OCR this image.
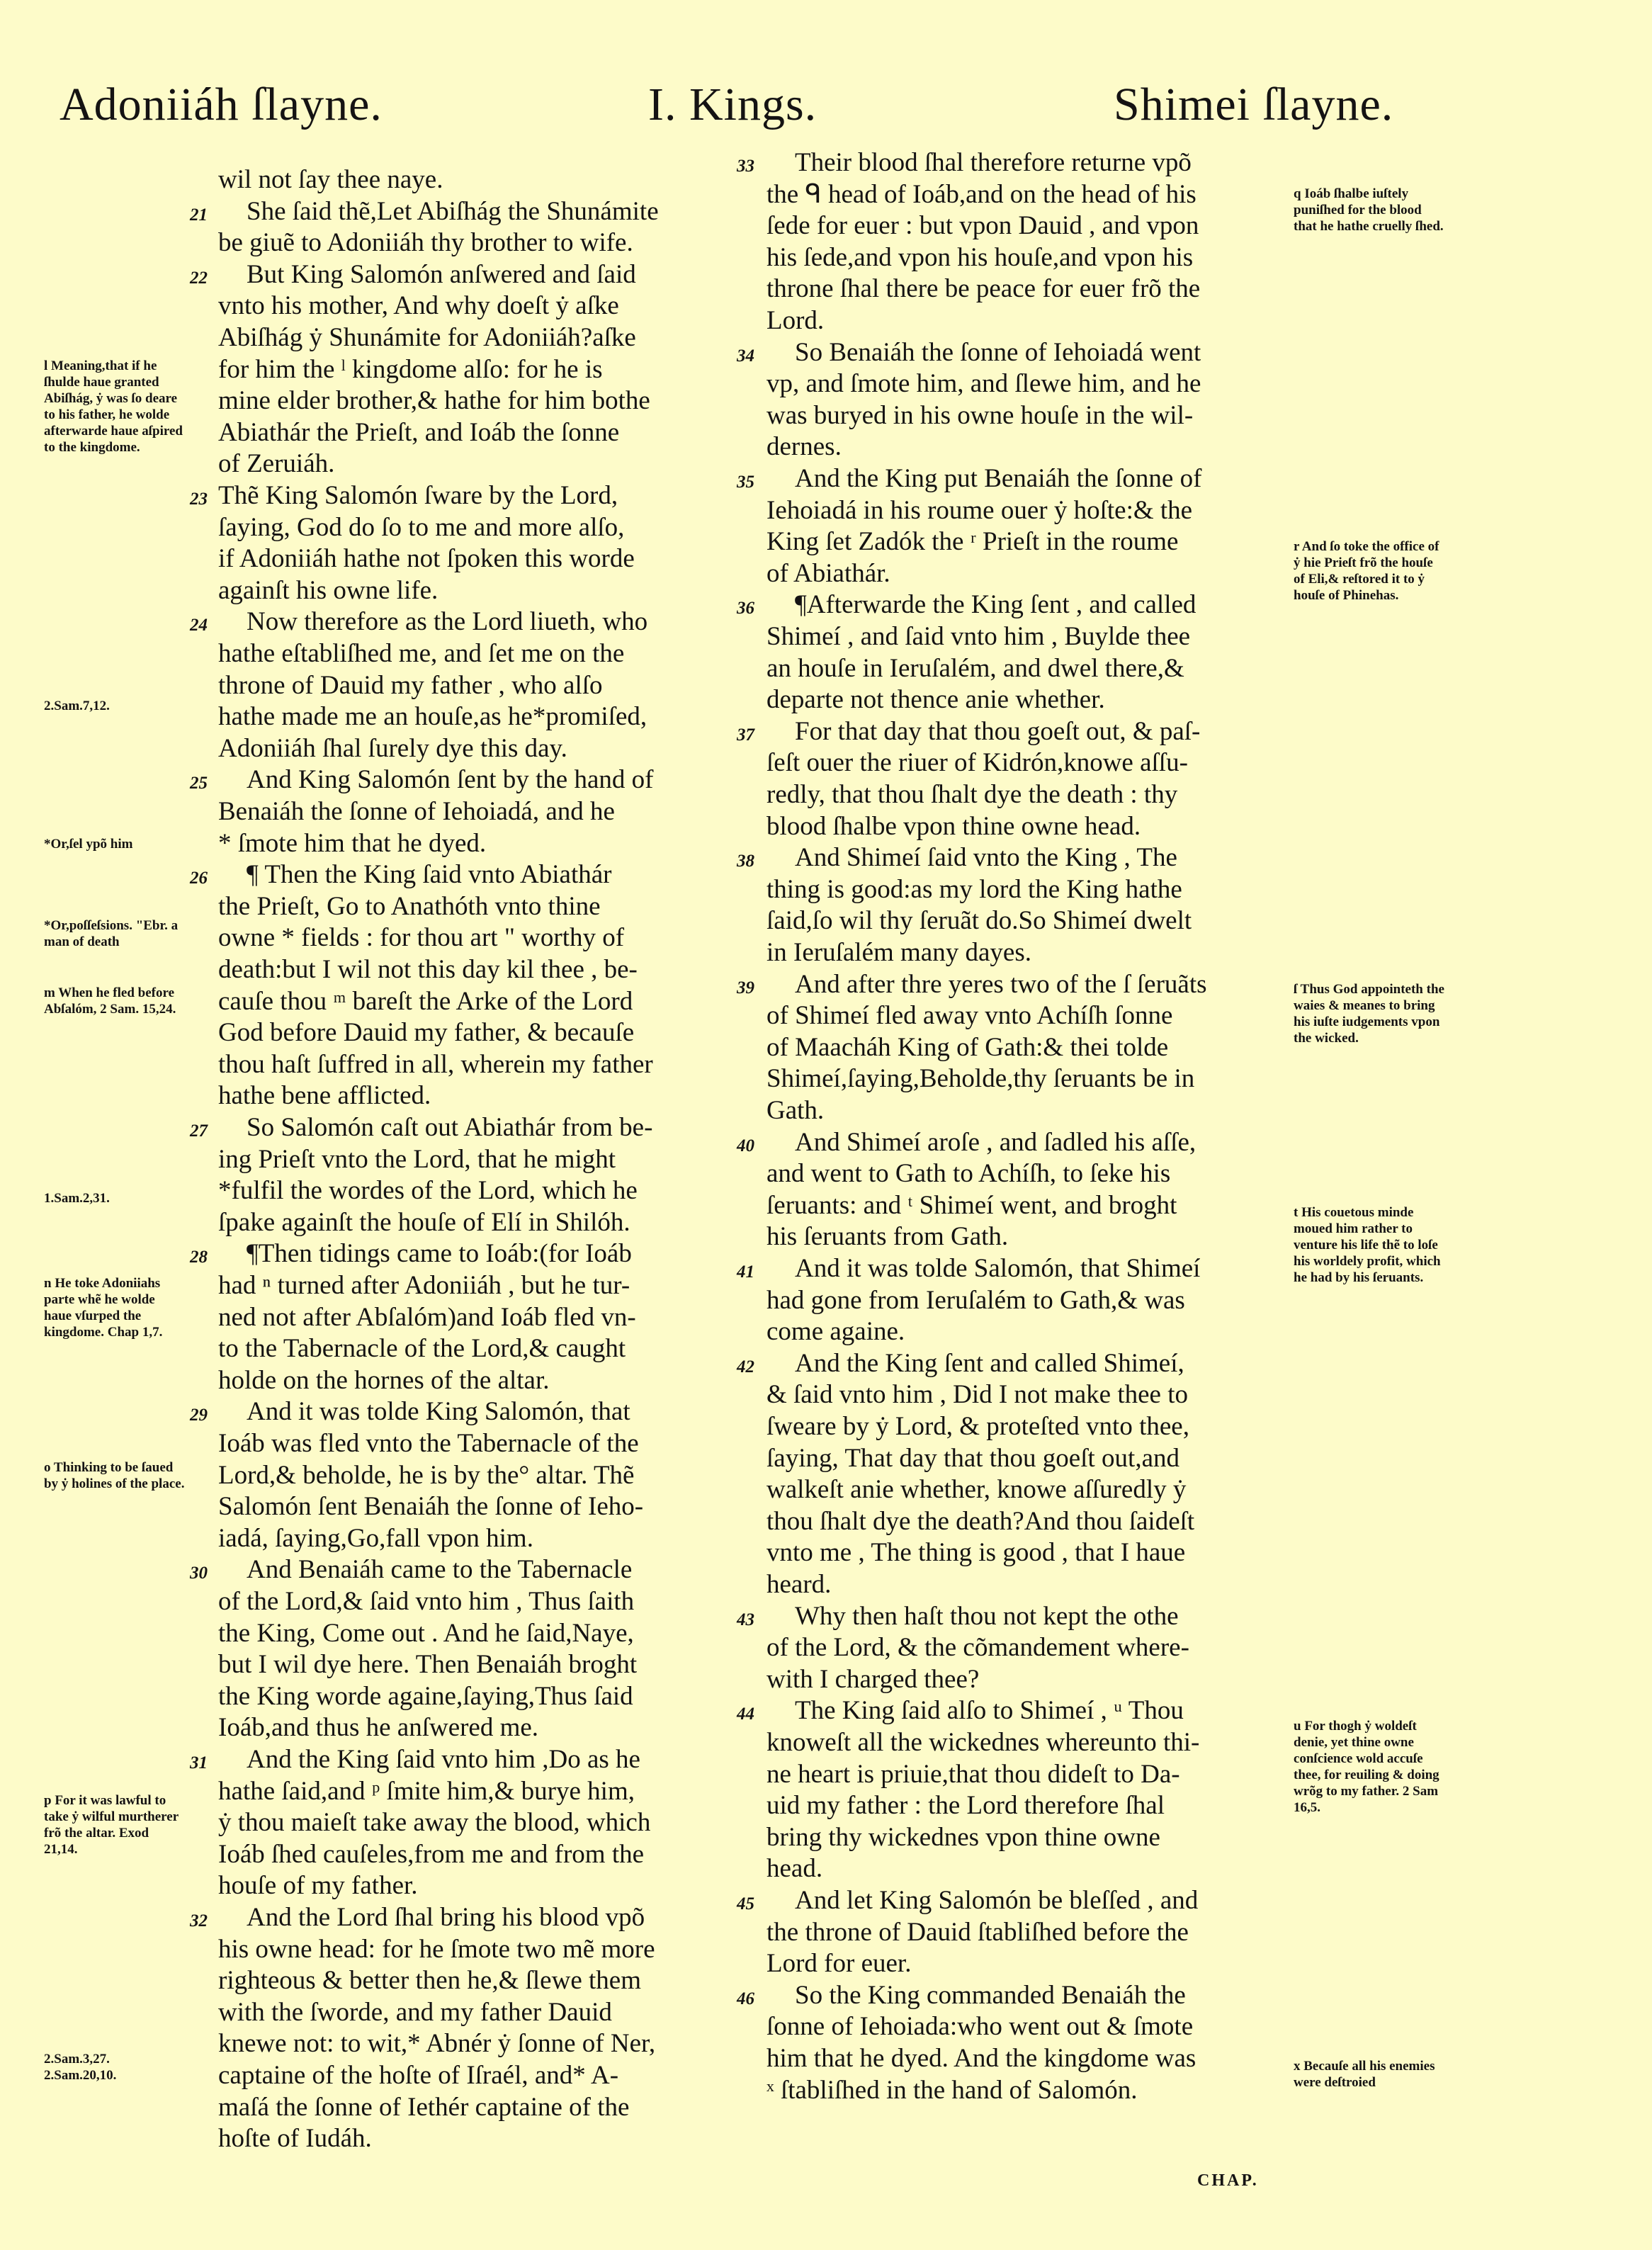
Adoniiáh ſlayne.	I. Kings.	Shimei ſlayne.
l Meaning,that if he ſhulde haue granted Abiſhág, ẏ was ſo deare to his father, he wolde afterwarde haue aſpired to the kingdome.
2.Sam.7,12.
*Or,ſel ypõ him
*Or,poſſeſsions. "Ebr. a man of death
m When he fled before Abſalóm, 2 Sam. 15,24.
1.Sam.2,31.
n He toke Adoniiahs parte whẽ he wolde haue vſurped the kingdome. Chap 1,7.
o Thinking to be ſaued by ẏ holines of the place.
p For it was lawful to take ẏ wilful murtherer frõ the altar. Exod 21,14.
2.Sam.3,27. 2.Sam.20,10.
wil not ſay thee naye.
She ſaid thẽ,Let Abiſhág the Shunámite
be giuẽ to Adoniiáh thy brother to wife.
But King Salomón anſwered and ſaid
vnto his mother, And why doeſt ẏ aſke
Abiſhág ẏ Shunámite for Adoniiáh?aſke
for him the ˡ kingdome alſo: for he is
mine elder brother,& hathe for him bothe
Abiathár the Prieſt, and Ioáb the ſonne
of Zeruiáh.
Thẽ King Salomón ſware by the Lord,
ſaying, God do ſo to me and more alſo,
if Adoniiáh hathe not ſpoken this worde
againſt his owne life.
Now therefore as the Lord liueth, who
hathe eſtabliſhed me, and ſet me on the
throne of Dauid my father , who alſo
hathe made me an houſe,as he*promiſed,
Adoniiáh ſhal ſurely dye this day.
And King Salomón ſent by the hand of
Benaiáh the ſonne of Iehoiadá, and he
* ſmote him that he dyed.
¶ Then the King ſaid vnto Abiathár
the Prieſt, Go to Anathóth vnto thine
owne * fields : for thou art " worthy of
death:but I wil not this day kil thee , be-
cauſe thou ᵐ bareſt the Arke of the Lord
God before Dauid my father, & becauſe
thou haſt ſuffred in all, wherein my father
hathe bene afflicted.
So Salomón caſt out Abiathár from be-
ing Prieſt vnto the Lord, that he might
*fulfil the wordes of the Lord, which he
ſpake againſt the houſe of Elí in Shilóh.
¶Then tidings came to Ioáb:(for Ioáb
had ⁿ turned after Adoniiáh , but he tur-
ned not after Abſalóm)and Ioáb fled vn-
to the Tabernacle of the Lord,& caught
holde on the hornes of the altar.
And it was tolde King Salomón, that
Ioáb was fled vnto the Tabernacle of the
Lord,& beholde, he is by the° altar. Thẽ
Salomón ſent Benaiáh the ſonne of Ieho-
iadá, ſaying,Go,fall vpon him.
And Benaiáh came to the Tabernacle
of the Lord,& ſaid vnto him , Thus ſaith
the King, Come out . And he ſaid,Naye,
but I wil dye here. Then Benaiáh broght
the King worde againe,ſaying,Thus ſaid
Ioáb,and thus he anſwered me.
And the King ſaid vnto him ,Do as he
hathe ſaid,and ᵖ ſmite him,& burye him,
ẏ thou maieſt take away the blood, which
Ioáb ſhed cauſeles,from me and from the
houſe of my father.
And the Lord ſhal bring his blood vpõ
his owne head: for he ſmote two mẽ more
righteous & better then he,& ſlewe them
with the ſworde, and my father Dauid
knewe not: to wit,* Abnér ẏ ſonne of Ner,
captaine of the hoſte of Iſraél, and* A-
maſá the ſonne of Iethér captaine of the
hoſte of Iudáh.
21
22
23
24
25
26
27
28
29
30
31
32
Their blood ſhal therefore returne vpõ
the ᑫ head of Ioáb,and on the head of his
ſede for euer : but vpon Dauid , and vpon
his ſede,and vpon his houſe,and vpon his
throne ſhal there be peace for euer frõ the
Lord.
So Benaiáh the ſonne of Iehoiadá went
vp, and ſmote him, and ſlewe him, and he
was buryed in his owne houſe in the wil-
dernes.
And the King put Benaiáh the ſonne of
Iehoiadá in his roume ouer ẏ hoſte:& the
King ſet Zadók the ʳ Prieſt in the roume
of Abiathár.
¶Afterwarde the King ſent , and called
Shimeí , and ſaid vnto him , Buylde thee
an houſe in Ieruſalém, and dwel there,&
departe not thence anie whether.
For that day that thou goeſt out, & paſ-
ſeſt ouer the riuer of Kidrón,knowe aſſu-
redly, that thou ſhalt dye the death : thy
blood ſhalbe vpon thine owne head.
And Shimeí ſaid vnto the King , The
thing is good:as my lord the King hathe
ſaid,ſo wil thy ſeruãt do.So Shimeí dwelt
in Ieruſalém many dayes.
And after thre yeres two of the ſ ſeruãts
of Shimeí fled away vnto Achíſh ſonne
of Maacháh King of Gath:& thei tolde
Shimeí,ſaying,Beholde,thy ſeruants be in
Gath.
And Shimeí aroſe , and ſadled his aſſe,
and went to Gath to Achíſh, to ſeke his
ſeruants: and ᵗ Shimeí went, and broght
his ſeruants from Gath.
And it was tolde Salomón, that Shimeí
had gone from Ieruſalém to Gath,& was
come againe.
And the King ſent and called Shimeí,
& ſaid vnto him , Did I not make thee to
ſweare by ẏ Lord, & proteſted vnto thee,
ſaying, That day that thou goeſt out,and
walkeſt anie whether, knowe aſſuredly ẏ
thou ſhalt dye the death?And thou ſaideſt
vnto me , The thing is good , that I haue
heard.
Why then haſt thou not kept the othe
of the Lord, & the cõmandement where-
with I charged thee?
The King ſaid alſo to Shimeí , ᵘ Thou
knoweſt all the wickednes whereunto thi-
ne heart is priuie,that thou dideſt to Da-
uid my father : the Lord therefore ſhal
bring thy wickednes vpon thine owne
head.
And let King Salomón be bleſſed , and
the throne of Dauid ſtabliſhed before the
Lord for euer.
So the King commanded Benaiáh the
ſonne of Iehoiada:who went out & ſmote
him that he dyed. And the kingdome was
ˣ ſtabliſhed in the hand of Salomón.
33
34
35
36
37
38
39
40
41
42
43
44
45
46
q Ioáb ſhalbe iuſtely puniſhed for the blood that he hathe cruelly ſhed.
r And ſo toke the office of ẏ hie Prieſt frõ the houſe of Eli,& reſtored it to ẏ houſe of Phinehas.
ſ Thus God appointeth the waies & meanes to bring his iuſte iudgements vpon the wicked.
t His couetous minde moued him rather to venture his life thẽ to loſe his worldely profit, which he had by his ſeruants.
u For thogh ẏ woldeſt denie, yet thine owne conſcience wold accuſe thee, for reuiling & doing wrõg to my father. 2 Sam 16,5.
x Becauſe all his enemies were deſtroied
CHAP.
